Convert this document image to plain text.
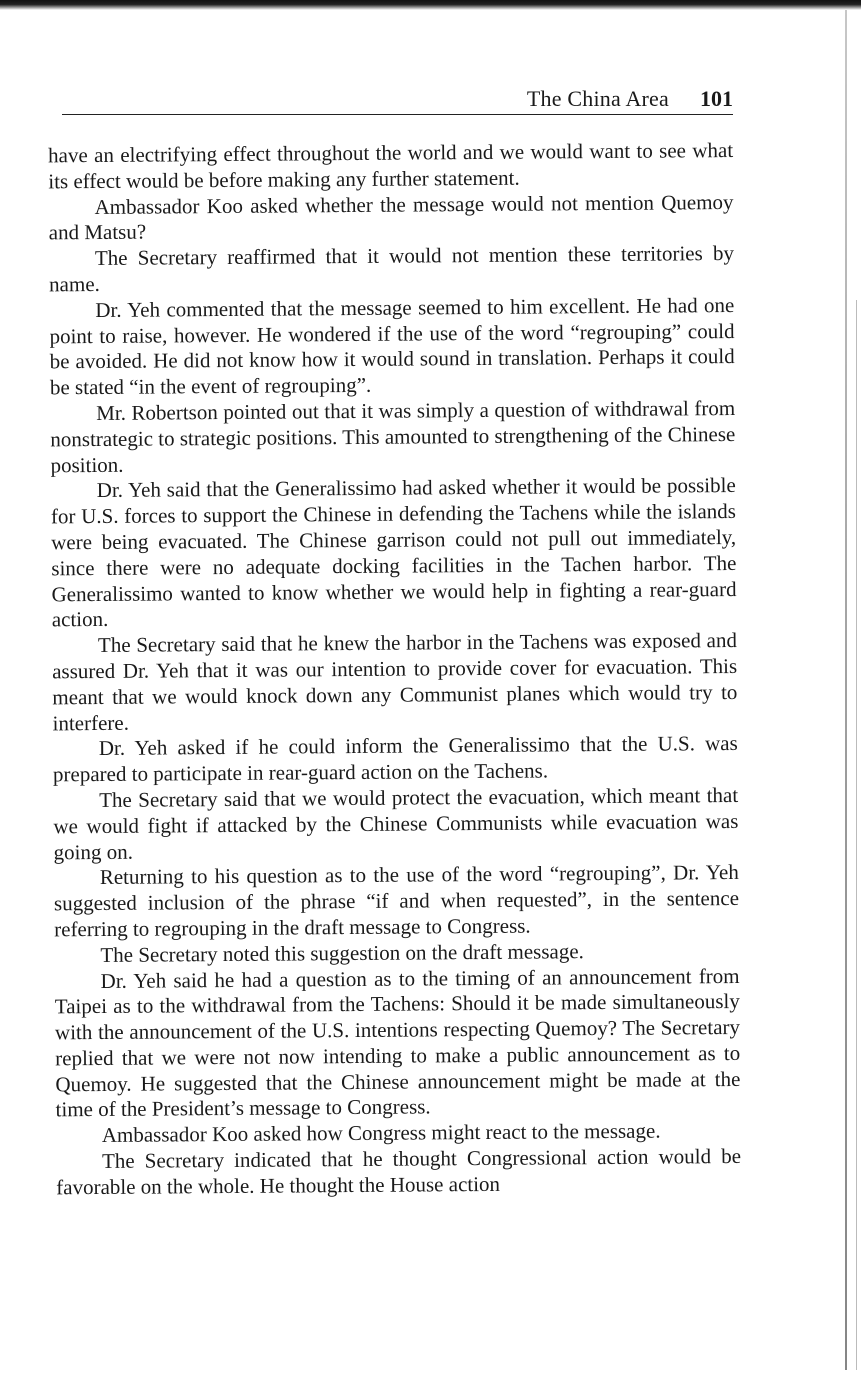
The China Area 101

have an electrifying effect throughout the world and we would want to see what its effect would be before making any further statement.

Ambassador Koo asked whether the message would not mention Quemoy and Matsu?

The Secretary reaffirmed that it would not mention these territories by name.

Dr. Yeh commented that the message seemed to him excellent. He had one point to raise, however. He wondered if the use of the word “regrouping” could be avoided. He did not know how it would sound in translation. Perhaps it could be stated “in the event of regrouping”.

Mr. Robertson pointed out that it was simply a question of withdrawal from nonstrategic to strategic positions. This amounted to strengthening of the Chinese position.

Dr. Yeh said that the Generalissimo had asked whether it would be possible for U.S. forces to support the Chinese in defending the Tachens while the islands were being evacuated. The Chinese garrison could not pull out immediately, since there were no adequate docking facilities in the Tachen harbor. The Generalissimo wanted to know whether we would help in fighting a rear-guard action.

The Secretary said that he knew the harbor in the Tachens was exposed and assured Dr. Yeh that it was our intention to provide cover for evacuation. This meant that we would knock down any Communist planes which would try to interfere.

Dr. Yeh asked if he could inform the Generalissimo that the U.S. was prepared to participate in rear-guard action on the Tachens.

The Secretary said that we would protect the evacuation, which meant that we would fight if attacked by the Chinese Communists while evacuation was going on.

Returning to his question as to the use of the word “regrouping”, Dr. Yeh suggested inclusion of the phrase “if and when requested”, in the sentence referring to regrouping in the draft message to Congress.

The Secretary noted this suggestion on the draft message.

Dr. Yeh said he had a question as to the timing of an announcement from Taipei as to the withdrawal from the Tachens: Should it be made simultaneously with the announcement of the U.S. intentions respecting Quemoy? The Secretary replied that we were not now intending to make a public announcement as to Quemoy. He suggested that the Chinese announcement might be made at the time of the President’s message to Congress.

Ambassador Koo asked how Congress might react to the message.

The Secretary indicated that he thought Congressional action would be favorable on the whole. He thought the House action
